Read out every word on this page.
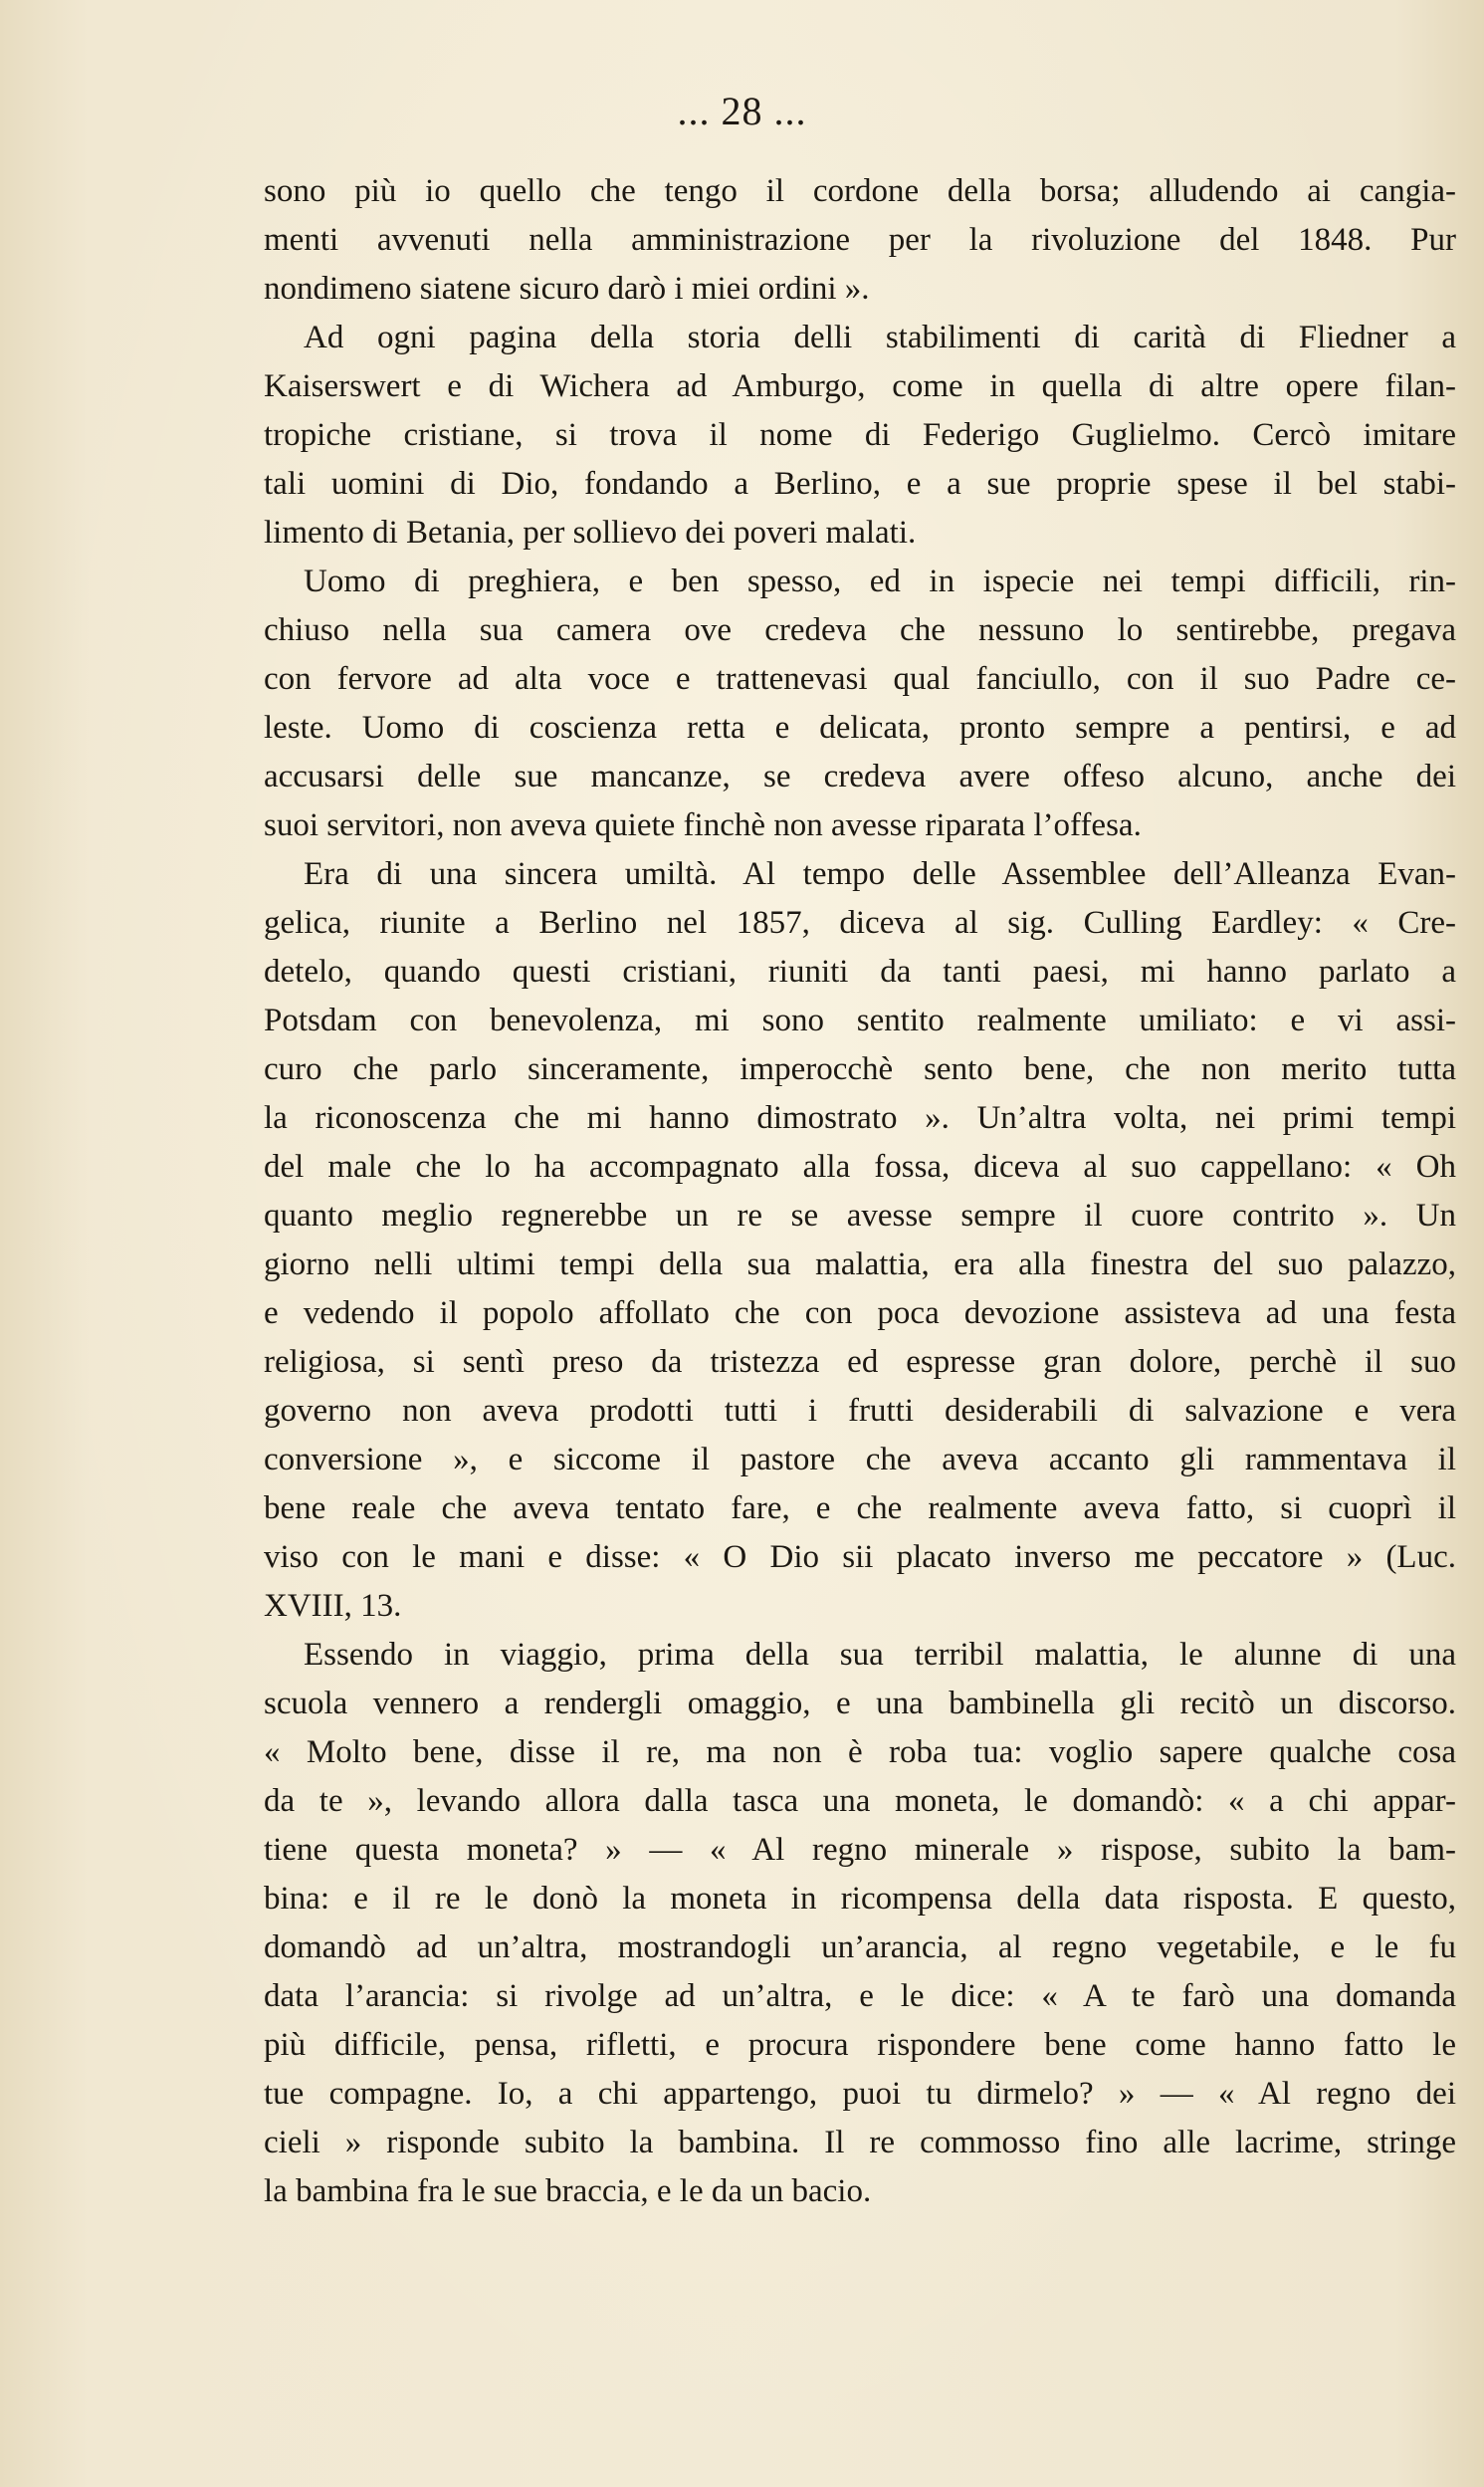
... 28 ...
sono più io quello che tengo il cordone della borsa; alludendo ai cangia-
menti avvenuti nella amministrazione per la rivoluzione del 1848. Pur
nondimeno siatene sicuro darò i miei ordini ».
Ad ogni pagina della storia delli stabilimenti di carità di Fliedner a
Kaiserswert e di Wichera ad Amburgo, come in quella di altre opere filan-
tropiche cristiane, si trova il nome di Federigo Guglielmo. Cercò imitare
tali uomini di Dio, fondando a Berlino, e a sue proprie spese il bel stabi-
limento di Betania, per sollievo dei poveri malati.
Uomo di preghiera, e ben spesso, ed in ispecie nei tempi difficili, rin-
chiuso nella sua camera ove credeva che nessuno lo sentirebbe, pregava
con fervore ad alta voce e trattenevasi qual fanciullo, con il suo Padre ce-
leste. Uomo di coscienza retta e delicata, pronto sempre a pentirsi, e ad
accusarsi delle sue mancanze, se credeva avere offeso alcuno, anche dei
suoi servitori, non aveva quiete finchè non avesse riparata l’offesa.
Era di una sincera umiltà. Al tempo delle Assemblee dell’Alleanza Evan-
gelica, riunite a Berlino nel 1857, diceva al sig. Culling Eardley: « Cre-
detelo, quando questi cristiani, riuniti da tanti paesi, mi hanno parlato a
Potsdam con benevolenza, mi sono sentito realmente umiliato: e vi assi-
curo che parlo sinceramente, imperocchè sento bene, che non merito tutta
la riconoscenza che mi hanno dimostrato ». Un’altra volta, nei primi tempi
del male che lo ha accompagnato alla fossa, diceva al suo cappellano: « Oh
quanto meglio regnerebbe un re se avesse sempre il cuore contrito ». Un
giorno nelli ultimi tempi della sua malattia, era alla finestra del suo palazzo,
e vedendo il popolo affollato che con poca devozione assisteva ad una festa
religiosa, si sentì preso da tristezza ed espresse gran dolore, perchè il suo
governo non aveva prodotti tutti i frutti desiderabili di salvazione e vera
conversione », e siccome il pastore che aveva accanto gli rammentava il
bene reale che aveva tentato fare, e che realmente aveva fatto, si cuoprì il
viso con le mani e disse: « O Dio sii placato inverso me peccatore » (Luc.
XVIII, 13.
Essendo in viaggio, prima della sua terribil malattia, le alunne di una
scuola vennero a rendergli omaggio, e una bambinella gli recitò un discorso.
« Molto bene, disse il re, ma non è roba tua: voglio sapere qualche cosa
da te », levando allora dalla tasca una moneta, le domandò: « a chi appar-
tiene questa moneta? » — « Al regno minerale » rispose, subito la bam-
bina: e il re le donò la moneta in ricompensa della data risposta. E questo,
domandò ad un’altra, mostrandogli un’arancia, al regno vegetabile, e le fu
data l’arancia: si rivolge ad un’altra, e le dice: « A te farò una domanda
più difficile, pensa, rifletti, e procura rispondere bene come hanno fatto le
tue compagne. Io, a chi appartengo, puoi tu dirmelo? » — « Al regno dei
cieli » risponde subito la bambina. Il re commosso fino alle lacrime, stringe
la bambina fra le sue braccia, e le da un bacio.
